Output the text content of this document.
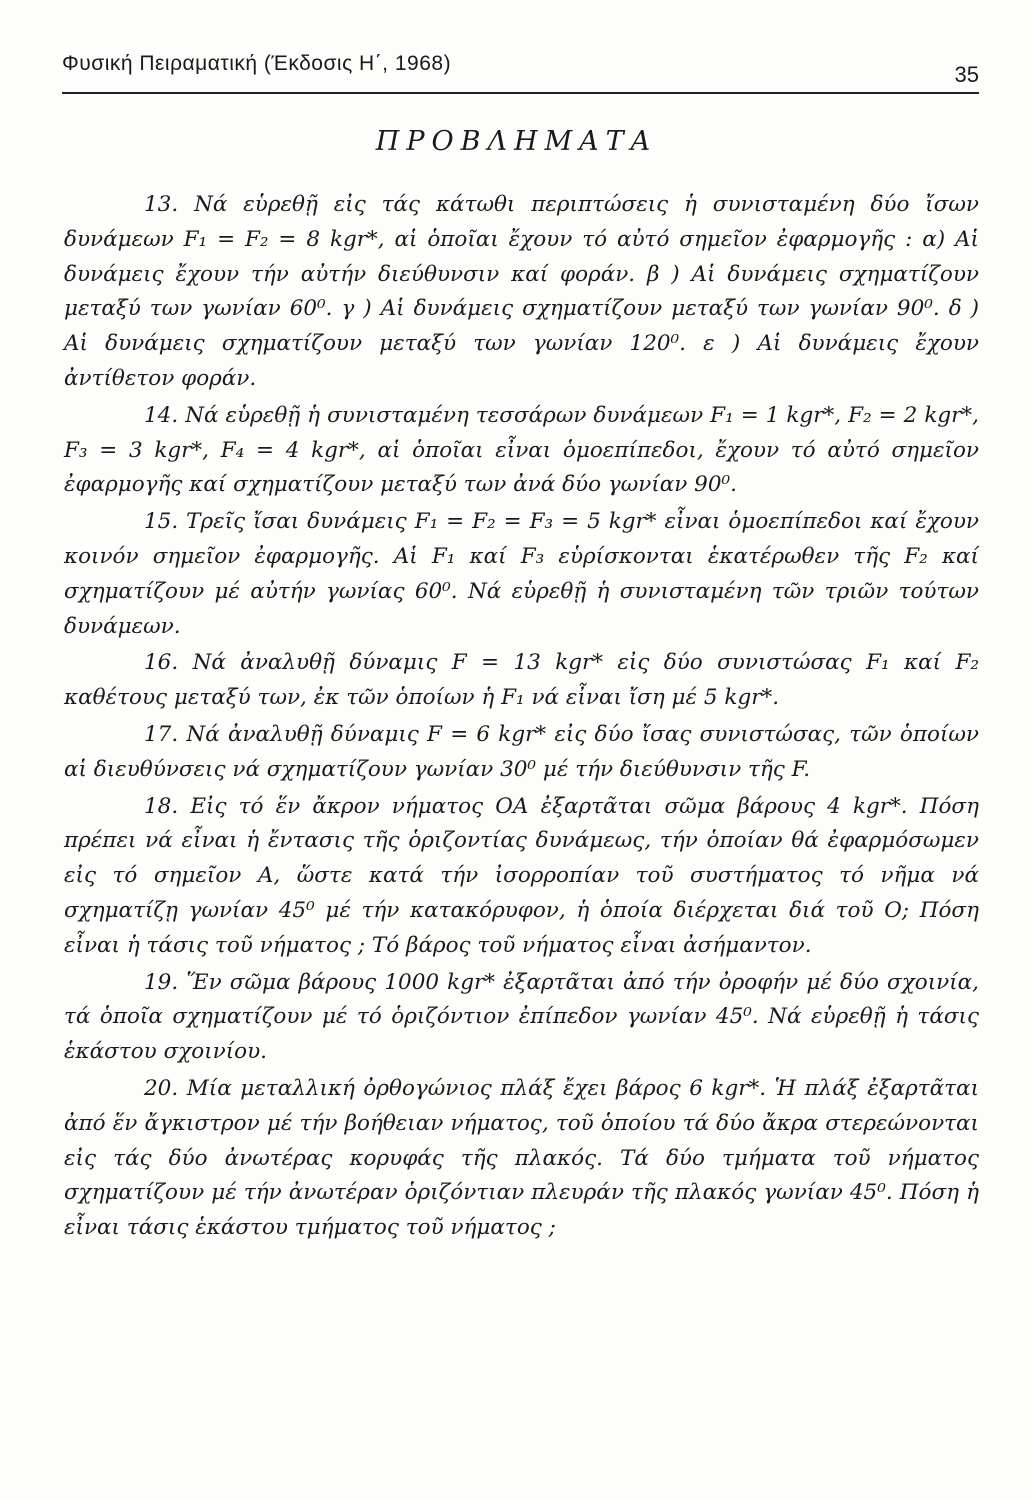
Φυσική Πειραματική (Έκδοσις Η΄, 1968)	35
ΠΡΟΒΛΗΜΑΤΑ

13. Νά εὑρεθῇ εἰς τάς κάτωθι περιπτώσεις ἡ συνισταμένη δύο ἴσων δυνάμεων F₁ = F₂ = 8 kgr*, αἱ ὁποῖαι ἔχουν τό αὐτό σημεῖον ἐφαρμογῆς : α) Αἱ δυνάμεις ἔχουν τήν αὐτήν διεύθυνσιν καί φοράν. β ) Αἱ δυνάμεις σχηματίζουν μεταξύ των γωνίαν 60⁰. γ ) Αἱ δυνάμεις σχηματίζουν μεταξύ των γωνίαν 90⁰. δ ) Αἱ δυνάμεις σχηματίζουν μεταξύ των γωνίαν 120⁰. ε ) Αἱ δυνάμεις ἔχουν ἀντίθετον φοράν.

14. Νά εὑρεθῇ ἡ συνισταμένη τεσσάρων δυνάμεων F₁ = 1 kgr*, F₂ = 2 kgr*, F₃ = 3 kgr*, F₄ = 4 kgr*, αἱ ὁποῖαι εἶναι ὁμοεπίπεδοι, ἔχουν τό αὐτό σημεῖον ἐφαρμογῆς καί σχηματίζουν μεταξύ των ἀνά δύο γωνίαν 90⁰.

15. Τρεῖς ἴσαι δυνάμεις F₁ = F₂ = F₃ = 5 kgr* εἶναι ὁμοεπίπεδοι καί ἔχουν κοινόν σημεῖον ἐφαρμογῆς. Αἱ F₁ καί F₃ εὑρίσκονται ἑκατέρωθεν τῆς F₂ καί σχηματίζουν μέ αὐτήν γωνίας 60⁰. Νά εὑρεθῇ ἡ συνισταμένη τῶν τριῶν τούτων δυνάμεων.

16. Νά ἀναλυθῇ δύναμις F = 13 kgr* εἰς δύο συνιστώσας F₁ καί F₂ καθέτους μεταξύ των, ἐκ τῶν ὁποίων ἡ F₁ νά εἶναι ἴση μέ 5 kgr*.

17. Νά ἀναλυθῇ δύναμις F = 6 kgr* εἰς δύο ἴσας συνιστώσας, τῶν ὁποίων αἱ διευθύνσεις νά σχηματίζουν γωνίαν 30⁰ μέ τήν διεύθυνσιν τῆς F.

18. Εἰς τό ἕν ἄκρον νήματος ΟΑ ἐξαρτᾶται σῶμα βάρους 4 kgr*. Πόση πρέπει νά εἶναι ἡ ἔντασις τῆς ὁριζοντίας δυνάμεως, τήν ὁποίαν θά ἐφαρμόσωμεν εἰς τό σημεῖον Α, ὥστε κατά τήν ἰσορροπίαν τοῦ συστήματος τό νῆμα νά σχηματίζῃ γωνίαν 45⁰ μέ τήν κατακόρυφον, ἡ ὁποία διέρχεται διά τοῦ Ο; Πόση εἶναι ἡ τάσις τοῦ νήματος ; Τό βάρος τοῦ νήματος εἶναι ἀσήμαντον.

19. Ἕν σῶμα βάρους 1000 kgr* ἐξαρτᾶται ἀπό τήν ὀροφήν μέ δύο σχοινία, τά ὁποῖα σχηματίζουν μέ τό ὁριζόντιον ἐπίπεδον γωνίαν 45⁰. Νά εὑρεθῇ ἡ τάσις ἑκάστου σχοινίου.

20. Μία μεταλλική ὀρθογώνιος πλάξ ἔχει βάρος 6 kgr*. Ἡ πλάξ ἐξαρτᾶται ἀπό ἕν ἄγκιστρον μέ τήν βοήθειαν νήματος, τοῦ ὁποίου τά δύο ἄκρα στερεώνονται εἰς τάς δύο ἀνωτέρας κορυφάς τῆς πλακός. Τά δύο τμήματα τοῦ νήματος σχηματίζουν μέ τήν ἀνωτέραν ὁριζόντιαν πλευράν τῆς πλακός γωνίαν 45⁰. Πόση ἡ εἶναι τάσις ἑκάστου τμήματος τοῦ νήματος ;
